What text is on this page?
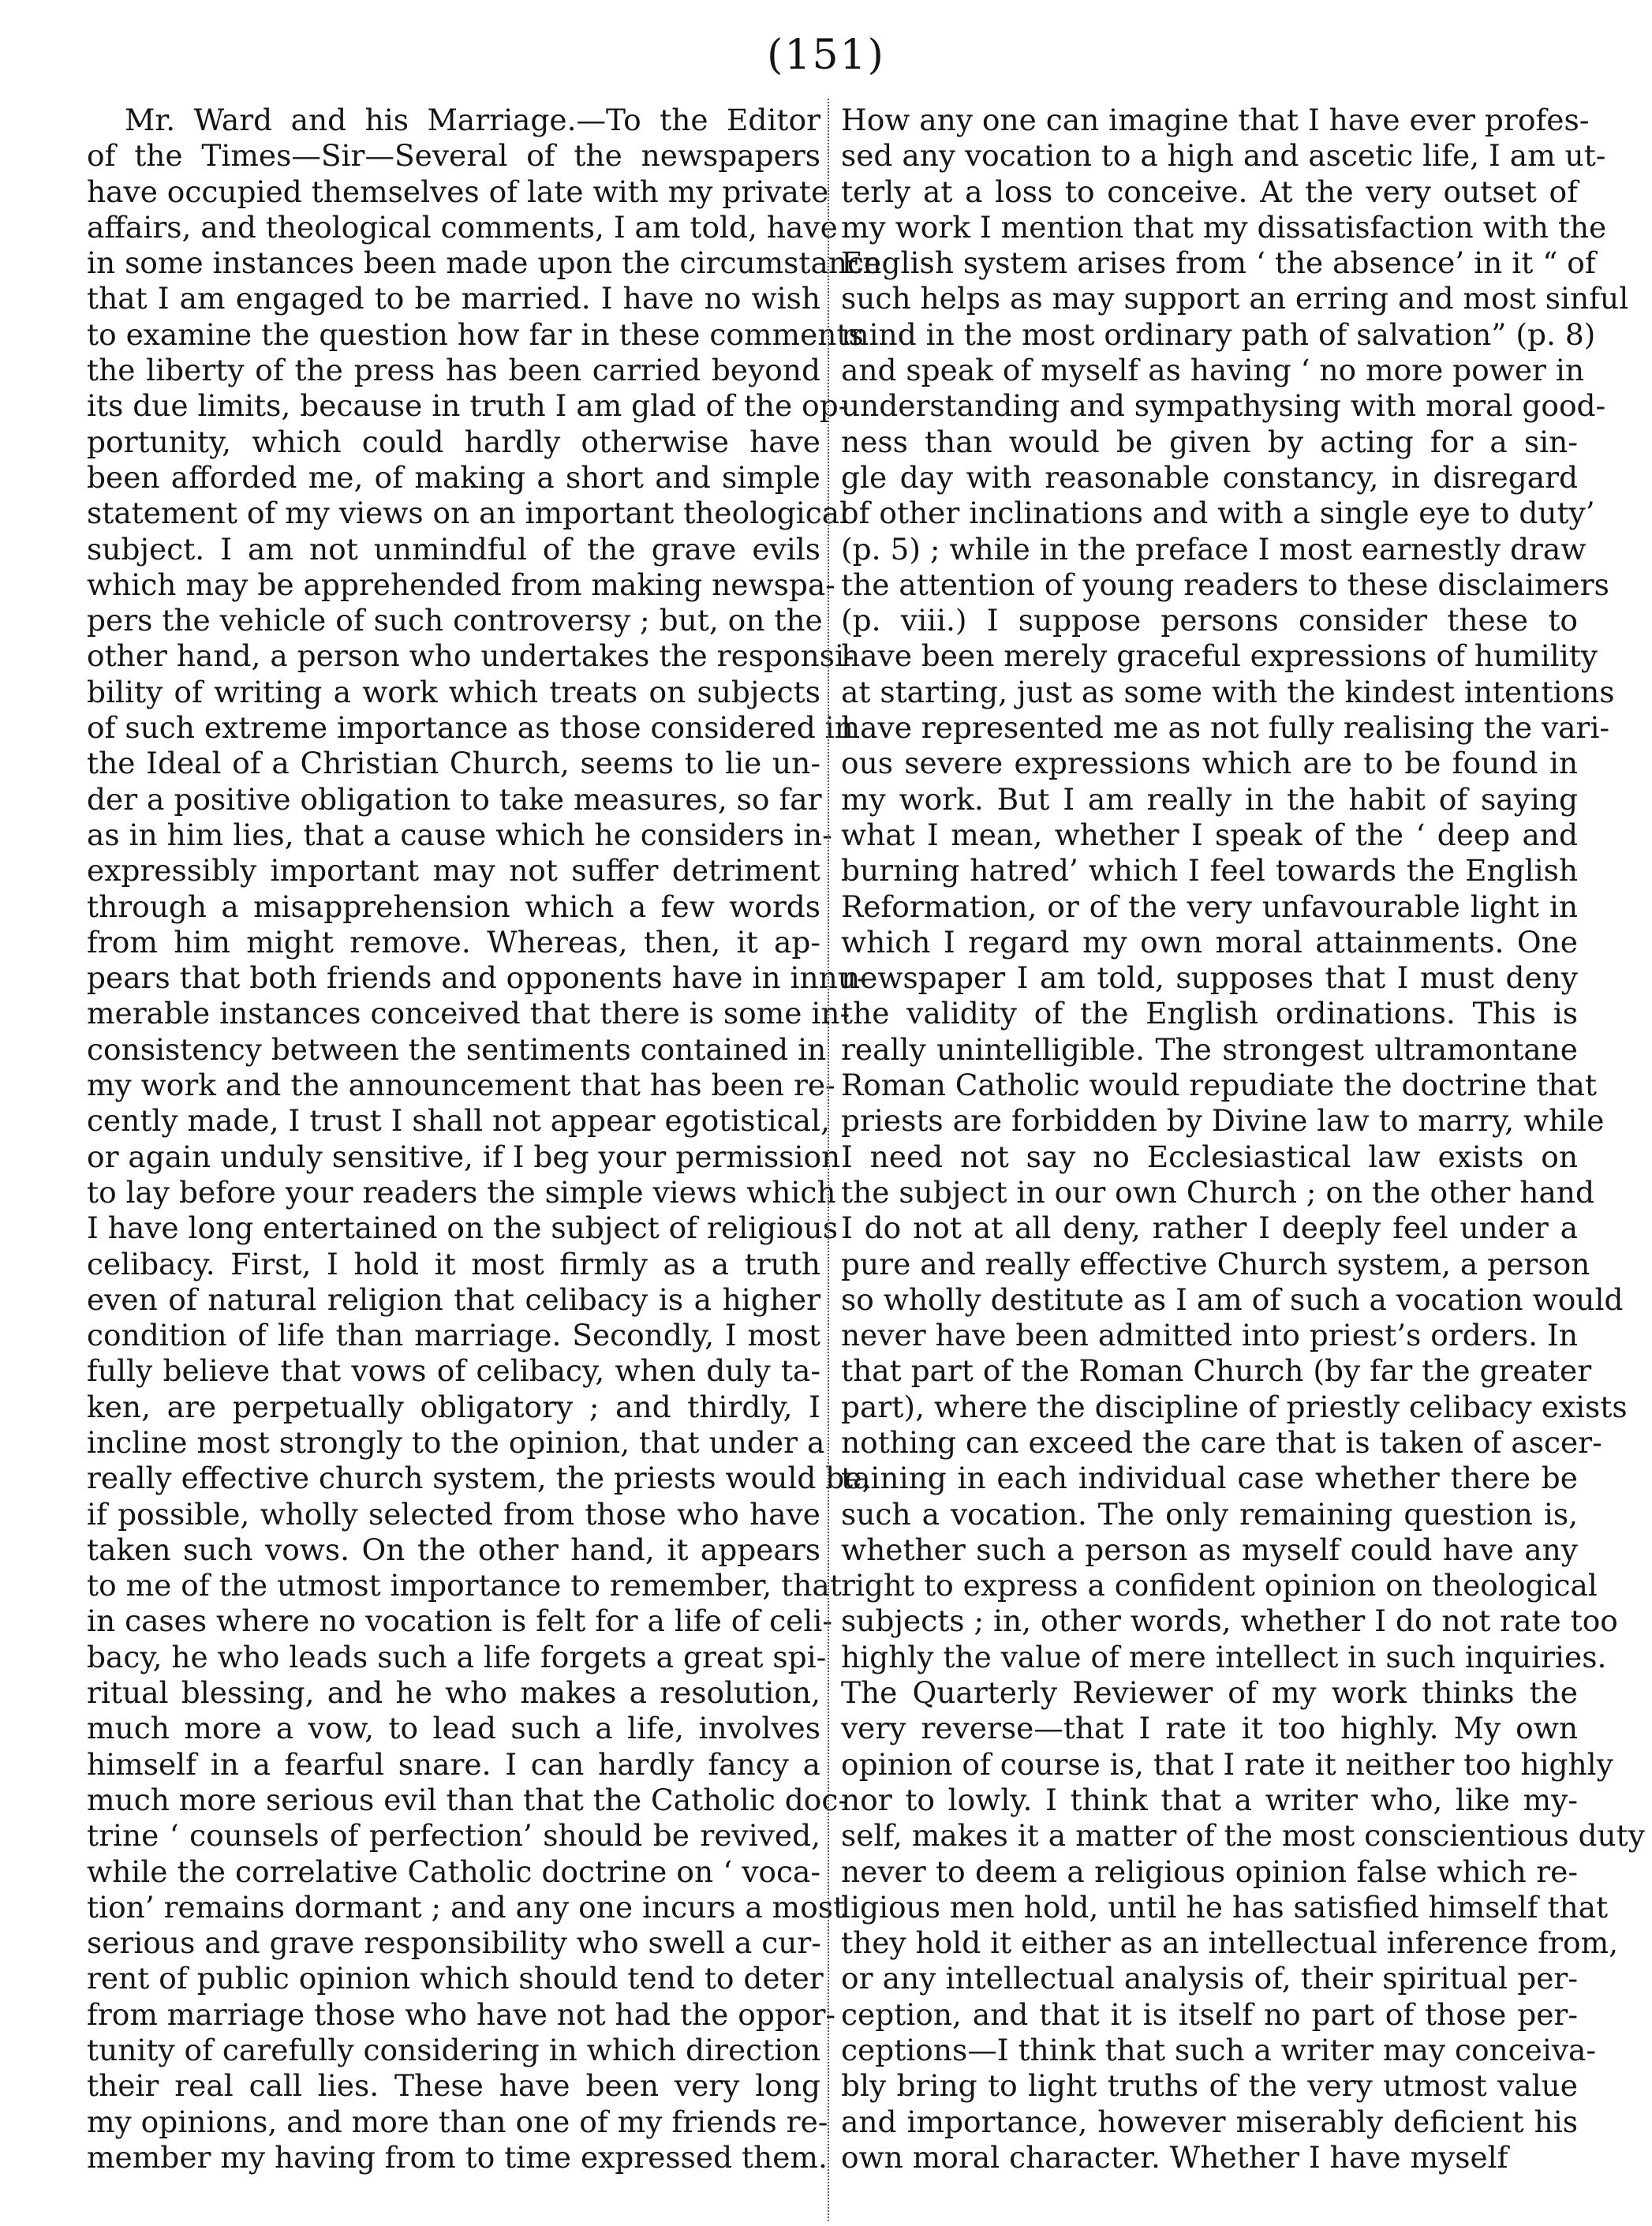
(151)
Mr. Ward and his Marriage.—To the Editor
of the Times—Sir—Several of the newspapers
have occupied themselves of late with my private
affairs, and theological comments, I am told, have
in some instances been made upon the circumstance
that I am engaged to be married. I have no wish
to examine the question how far in these comments
the liberty of the press has been carried beyond
its due limits, because in truth I am glad of the op-
portunity, which could hardly otherwise have
been afforded me, of making a short and simple
statement of my views on an important theological
subject. I am not unmindful of the grave evils
which may be apprehended from making newspa-
pers the vehicle of such controversy ; but, on the
other hand, a person who undertakes the responsi-
bility of writing a work which treats on subjects
of such extreme importance as those considered in
the Ideal of a Christian Church, seems to lie un-
der a positive obligation to take measures, so far
as in him lies, that a cause which he considers in-
expressibly important may not suffer detriment
through a misapprehension which a few words
from him might remove. Whereas, then, it ap-
pears that both friends and opponents have in innu-
merable instances conceived that there is some in-
consistency between the sentiments contained in
my work and the announcement that has been re-
cently made, I trust I shall not appear egotistical,
or again unduly sensitive, if I beg your permission
to lay before your readers the simple views which
I have long entertained on the subject of religious
celibacy. First, I hold it most firmly as a truth
even of natural religion that celibacy is a higher
condition of life than marriage. Secondly, I most
fully believe that vows of celibacy, when duly ta-
ken, are perpetually obligatory ; and thirdly, I
incline most strongly to the opinion, that under a
really effective church system, the priests would be,
if possible, wholly selected from those who have
taken such vows. On the other hand, it appears
to me of the utmost importance to remember, that
in cases where no vocation is felt for a life of celi-
bacy, he who leads such a life forgets a great spi-
ritual blessing, and he who makes a resolution,
much more a vow, to lead such a life, involves
himself in a fearful snare. I can hardly fancy a
much more serious evil than that the Catholic doc-
trine ‘ counsels of perfection’ should be revived,
while the correlative Catholic doctrine on ‘ voca-
tion’ remains dormant ; and any one incurs a most
serious and grave responsibility who swell a cur-
rent of public opinion which should tend to deter
from marriage those who have not had the oppor-
tunity of carefully considering in which direction
their real call lies. These have been very long
my opinions, and more than one of my friends re-
member my having from to time expressed them.
How any one can imagine that I have ever profes-
sed any vocation to a high and ascetic life, I am ut-
terly at a loss to conceive. At the very outset of
my work I mention that my dissatisfaction with the
English system arises from ‘ the absence’ in it “ of
such helps as may support an erring and most sinful
mind in the most ordinary path of salvation” (p. 8)
and speak of myself as having ‘ no more power in
understanding and sympathysing with moral good-
ness than would be given by acting for a sin-
gle day with reasonable constancy, in disregard
of other inclinations and with a single eye to duty’
(p. 5) ; while in the preface I most earnestly draw
the attention of young readers to these disclaimers
(p. viii.) I suppose persons consider these to
have been merely graceful expressions of humility
at starting, just as some with the kindest intentions
have represented me as not fully realising the vari-
ous severe expressions which are to be found in
my work. But I am really in the habit of saying
what I mean, whether I speak of the ‘ deep and
burning hatred’ which I feel towards the English
Reformation, or of the very unfavourable light in
which I regard my own moral attainments. One
newspaper I am told, supposes that I must deny
the validity of the English ordinations. This is
really unintelligible. The strongest ultramontane
Roman Catholic would repudiate the doctrine that
priests are forbidden by Divine law to marry, while
I need not say no Ecclesiastical law exists on
the subject in our own Church ; on the other hand
I do not at all deny, rather I deeply feel under a
pure and really effective Church system, a person
so wholly destitute as I am of such a vocation would
never have been admitted into priest’s orders. In
that part of the Roman Church (by far the greater
part), where the discipline of priestly celibacy exists
nothing can exceed the care that is taken of ascer-
taining in each individual case whether there be
such a vocation. The only remaining question is,
whether such a person as myself could have any
right to express a confident opinion on theological
subjects ; in, other words, whether I do not rate too
highly the value of mere intellect in such inquiries.
The Quarterly Reviewer of my work thinks the
very reverse—that I rate it too highly. My own
opinion of course is, that I rate it neither too highly
nor to lowly. I think that a writer who, like my-
self, makes it a matter of the most conscientious duty
never to deem a religious opinion false which re-
ligious men hold, until he has satisfied himself that
they hold it either as an intellectual inference from,
or any intellectual analysis of, their spiritual per-
ception, and that it is itself no part of those per-
ceptions—I think that such a writer may conceiva-
bly bring to light truths of the very utmost value
and importance, however miserably deficient his
own moral character. Whether I have myself
